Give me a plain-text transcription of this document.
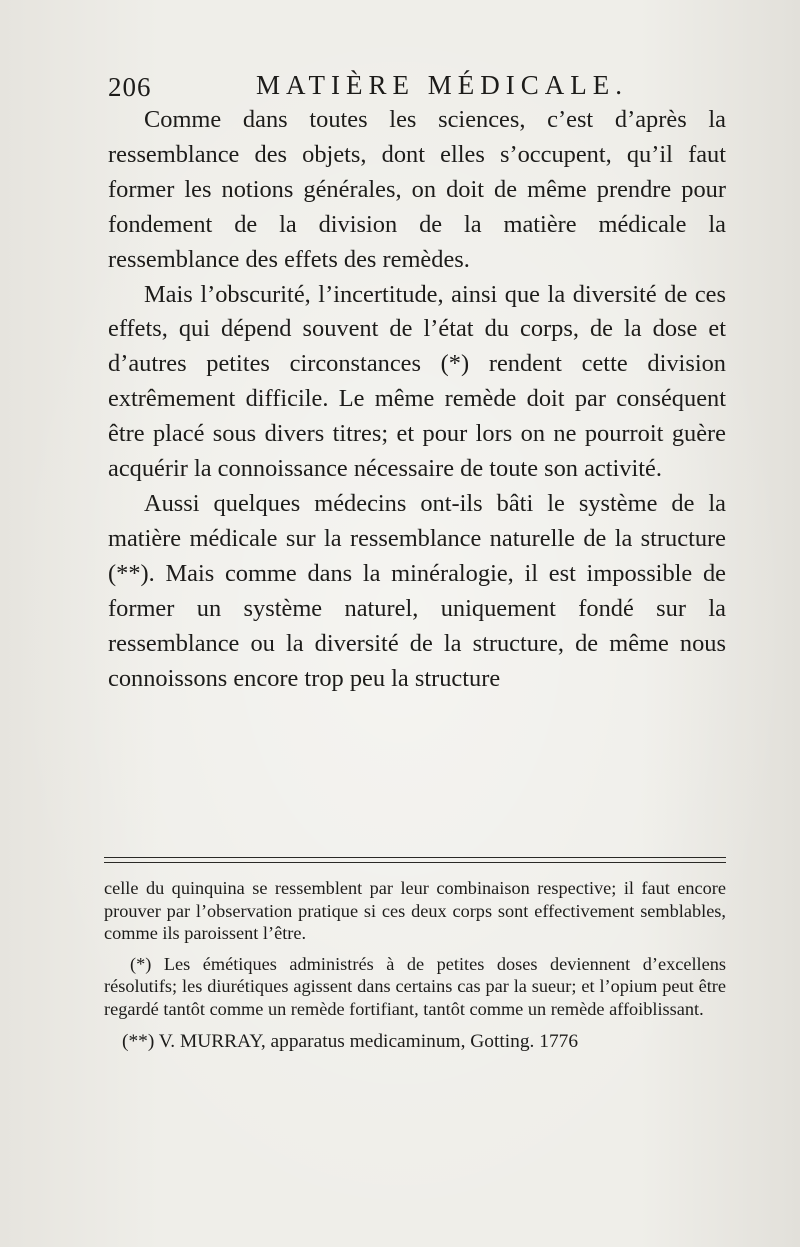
206	MATIÈRE MÉDICALE.

Comme dans toutes les sciences, c’est d’après la ressemblance des objets, dont elles s’occupent, qu’il faut former les notions générales, on doit de même prendre pour fondement de la division de la matière médicale la ressemblance des effets des remèdes.

Mais l’obscurité, l’incertitude, ainsi que la diversité de ces effets, qui dépend souvent de l’état du corps, de la dose et d’autres petites circonstances (*) rendent cette division extrêmement difficile. Le même remède doit par conséquent être placé sous divers titres; et pour lors on ne pourroit guère acquérir la connoissance nécessaire de toute son activité.

Aussi quelques médecins ont-ils bâti le système de la matière médicale sur la ressemblance naturelle de la structure (**). Mais comme dans la minéralogie, il est impossible de former un système naturel, uniquement fondé sur la ressemblance ou la diversité de la structure, de même nous connoissons encore trop peu la structure

celle du quinquina se ressemblent par leur combinaison respective; il faut encore prouver par l’observation pratique si ces deux corps sont effectivement semblables, comme ils paroissent l’être.

(*) Les émétiques administrés à de petites doses deviennent d’excellens résolutifs; les diurétiques agissent dans certains cas par la sueur; et l’opium peut être regardé tantôt comme un remède fortifiant, tantôt comme un remède affoiblissant.

(**) V. MURRAY, apparatus medicaminum, Gotting. 1776
